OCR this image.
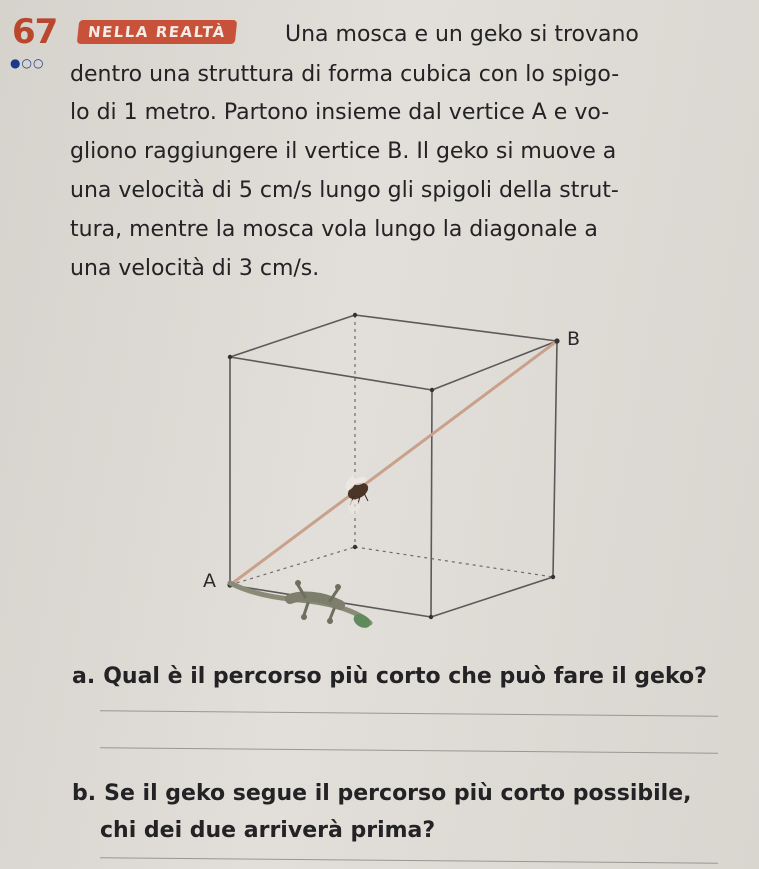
67	NELLA REALTÀ
●○○
Una mosca e un geko si trovano
dentro una struttura di forma cubica con lo spigo-
lo di 1 metro. Partono insieme dal vertice A e vo-
gliono raggiungere il vertice B. Il geko si muove a
una velocità di 5 cm/s lungo gli spigoli della strut-
tura, mentre la mosca vola lungo la diagonale a
una velocità di 3 cm/s.
B
A
a. Qual è il percorso più corto che può fare il geko?
b. Se il geko segue il percorso più corto possibile,
chi dei due arriverà prima?
